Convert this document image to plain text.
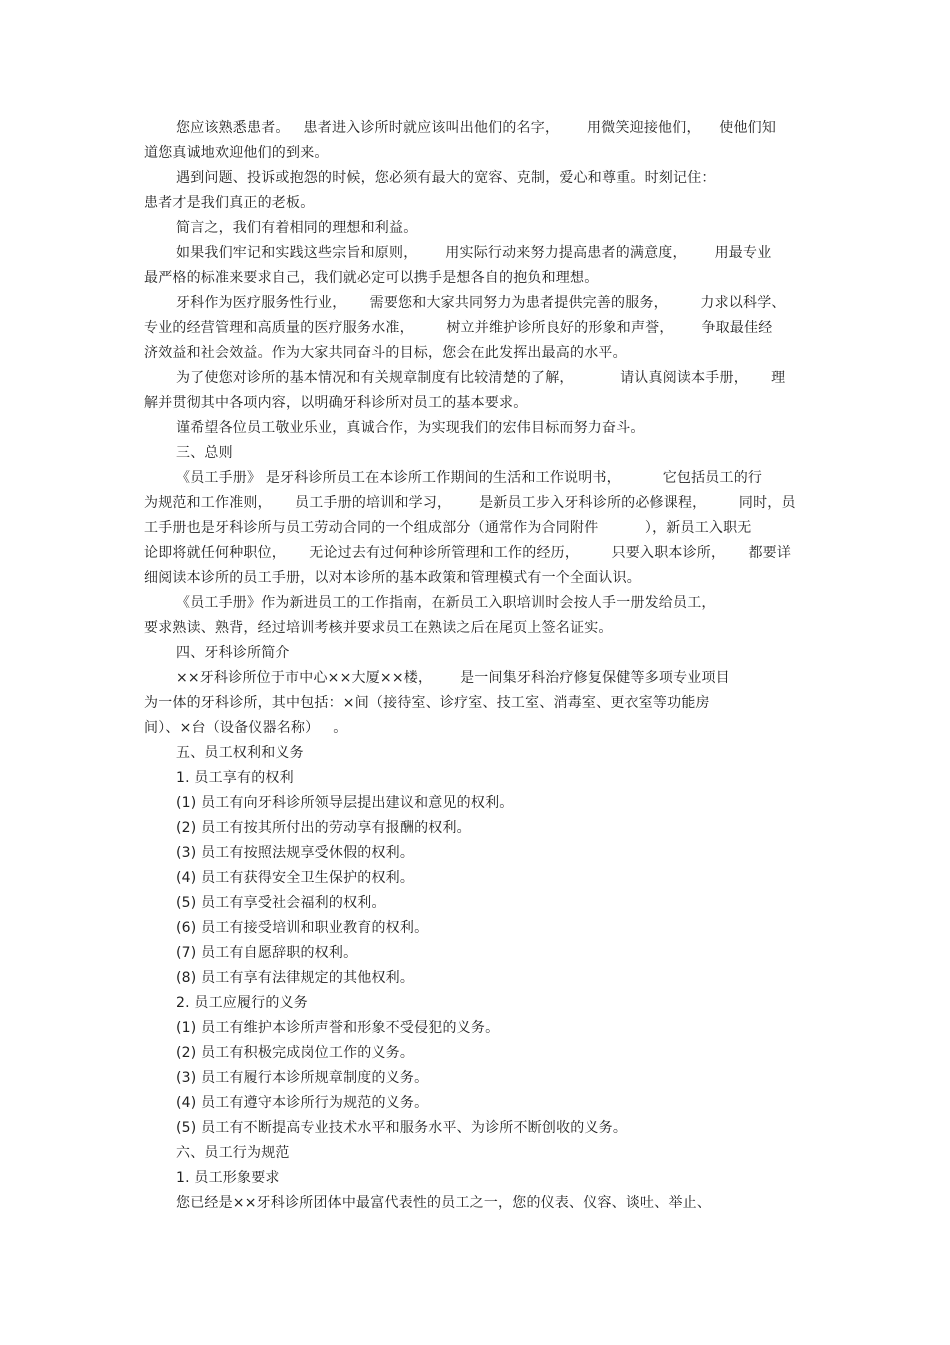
您应该熟悉患者。   患者进入诊所时就应该叫出他们的名字，      用微笑迎接他们，    使他们知
道您真诚地欢迎他们的到来。
遇到问题、投诉或抱怨的时候，您必须有最大的宽容、克制，爱心和尊重。时刻记住：
患者才是我们真正的老板。
简言之，我们有着相同的理想和利益。
如果我们牢记和实践这些宗旨和原则，      用实际行动来努力提高患者的满意度，      用最专业
最严格的标准来要求自己，我们就必定可以携手是想各自的抱负和理想。
牙科作为医疗服务性行业，     需要您和大家共同努力为患者提供完善的服务，       力求以科学、
专业的经营管理和高质量的医疗服务水准，       树立并维护诊所良好的形象和声誉，      争取最佳经
济效益和社会效益。作为大家共同奋斗的目标，您会在此发挥出最高的水平。
为了使您对诊所的基本情况和有关规章制度有比较清楚的了解，          请认真阅读本手册，     理
解并贯彻其中各项内容，以明确牙科诊所对员工的基本要求。
谨希望各位员工敬业乐业，真诚合作，为实现我们的宏伟目标而努力奋斗。
三、总则
《员工手册》 是牙科诊所员工在本诊所工作期间的生活和工作说明书，         它包括员工的行
为规范和工作准则，     员工手册的培训和学习，      是新员工步入牙科诊所的必修课程，       同时，员
工手册也是牙科诊所与员工劳动合同的一个组成部分（通常作为合同附件          ），新员工入职无
论即将就任何种职位，     无论过去有过何种诊所管理和工作的经历，       只要入职本诊所，     都要详
细阅读本诊所的员工手册，以对本诊所的基本政策和管理模式有一个全面认识。
《员工手册》作为新进员工的工作指南，在新员工入职培训时会按人手一册发给员工，
要求熟读、熟背，经过培训考核并要求员工在熟读之后在尾页上签名证实。
四、牙科诊所简介
××牙科诊所位于市中心××大厦××楼，      是一间集牙科治疗修复保健等多项专业项目
为一体的牙科诊所，其中包括：×间（接待室、诊疗室、技工室、消毒室、更衣室等功能房
间）、×台（设备仪器名称）   。
五、员工权利和义务
1. 员工享有的权利
(1) 员工有向牙科诊所领导层提出建议和意见的权利。
(2) 员工有按其所付出的劳动享有报酬的权利。
(3) 员工有按照法规享受休假的权利。
(4) 员工有获得安全卫生保护的权利。
(5) 员工有享受社会福利的权利。
(6) 员工有接受培训和职业教育的权利。
(7) 员工有自愿辞职的权利。
(8) 员工有享有法律规定的其他权利。
2. 员工应履行的义务
(1) 员工有维护本诊所声誉和形象不受侵犯的义务。
(2) 员工有积极完成岗位工作的义务。
(3) 员工有履行本诊所规章制度的义务。
(4) 员工有遵守本诊所行为规范的义务。
(5) 员工有不断提高专业技术水平和服务水平、为诊所不断创收的义务。
六、员工行为规范
1. 员工形象要求
您已经是××牙科诊所团体中最富代表性的员工之一，您的仪表、仪容、谈吐、举止、
